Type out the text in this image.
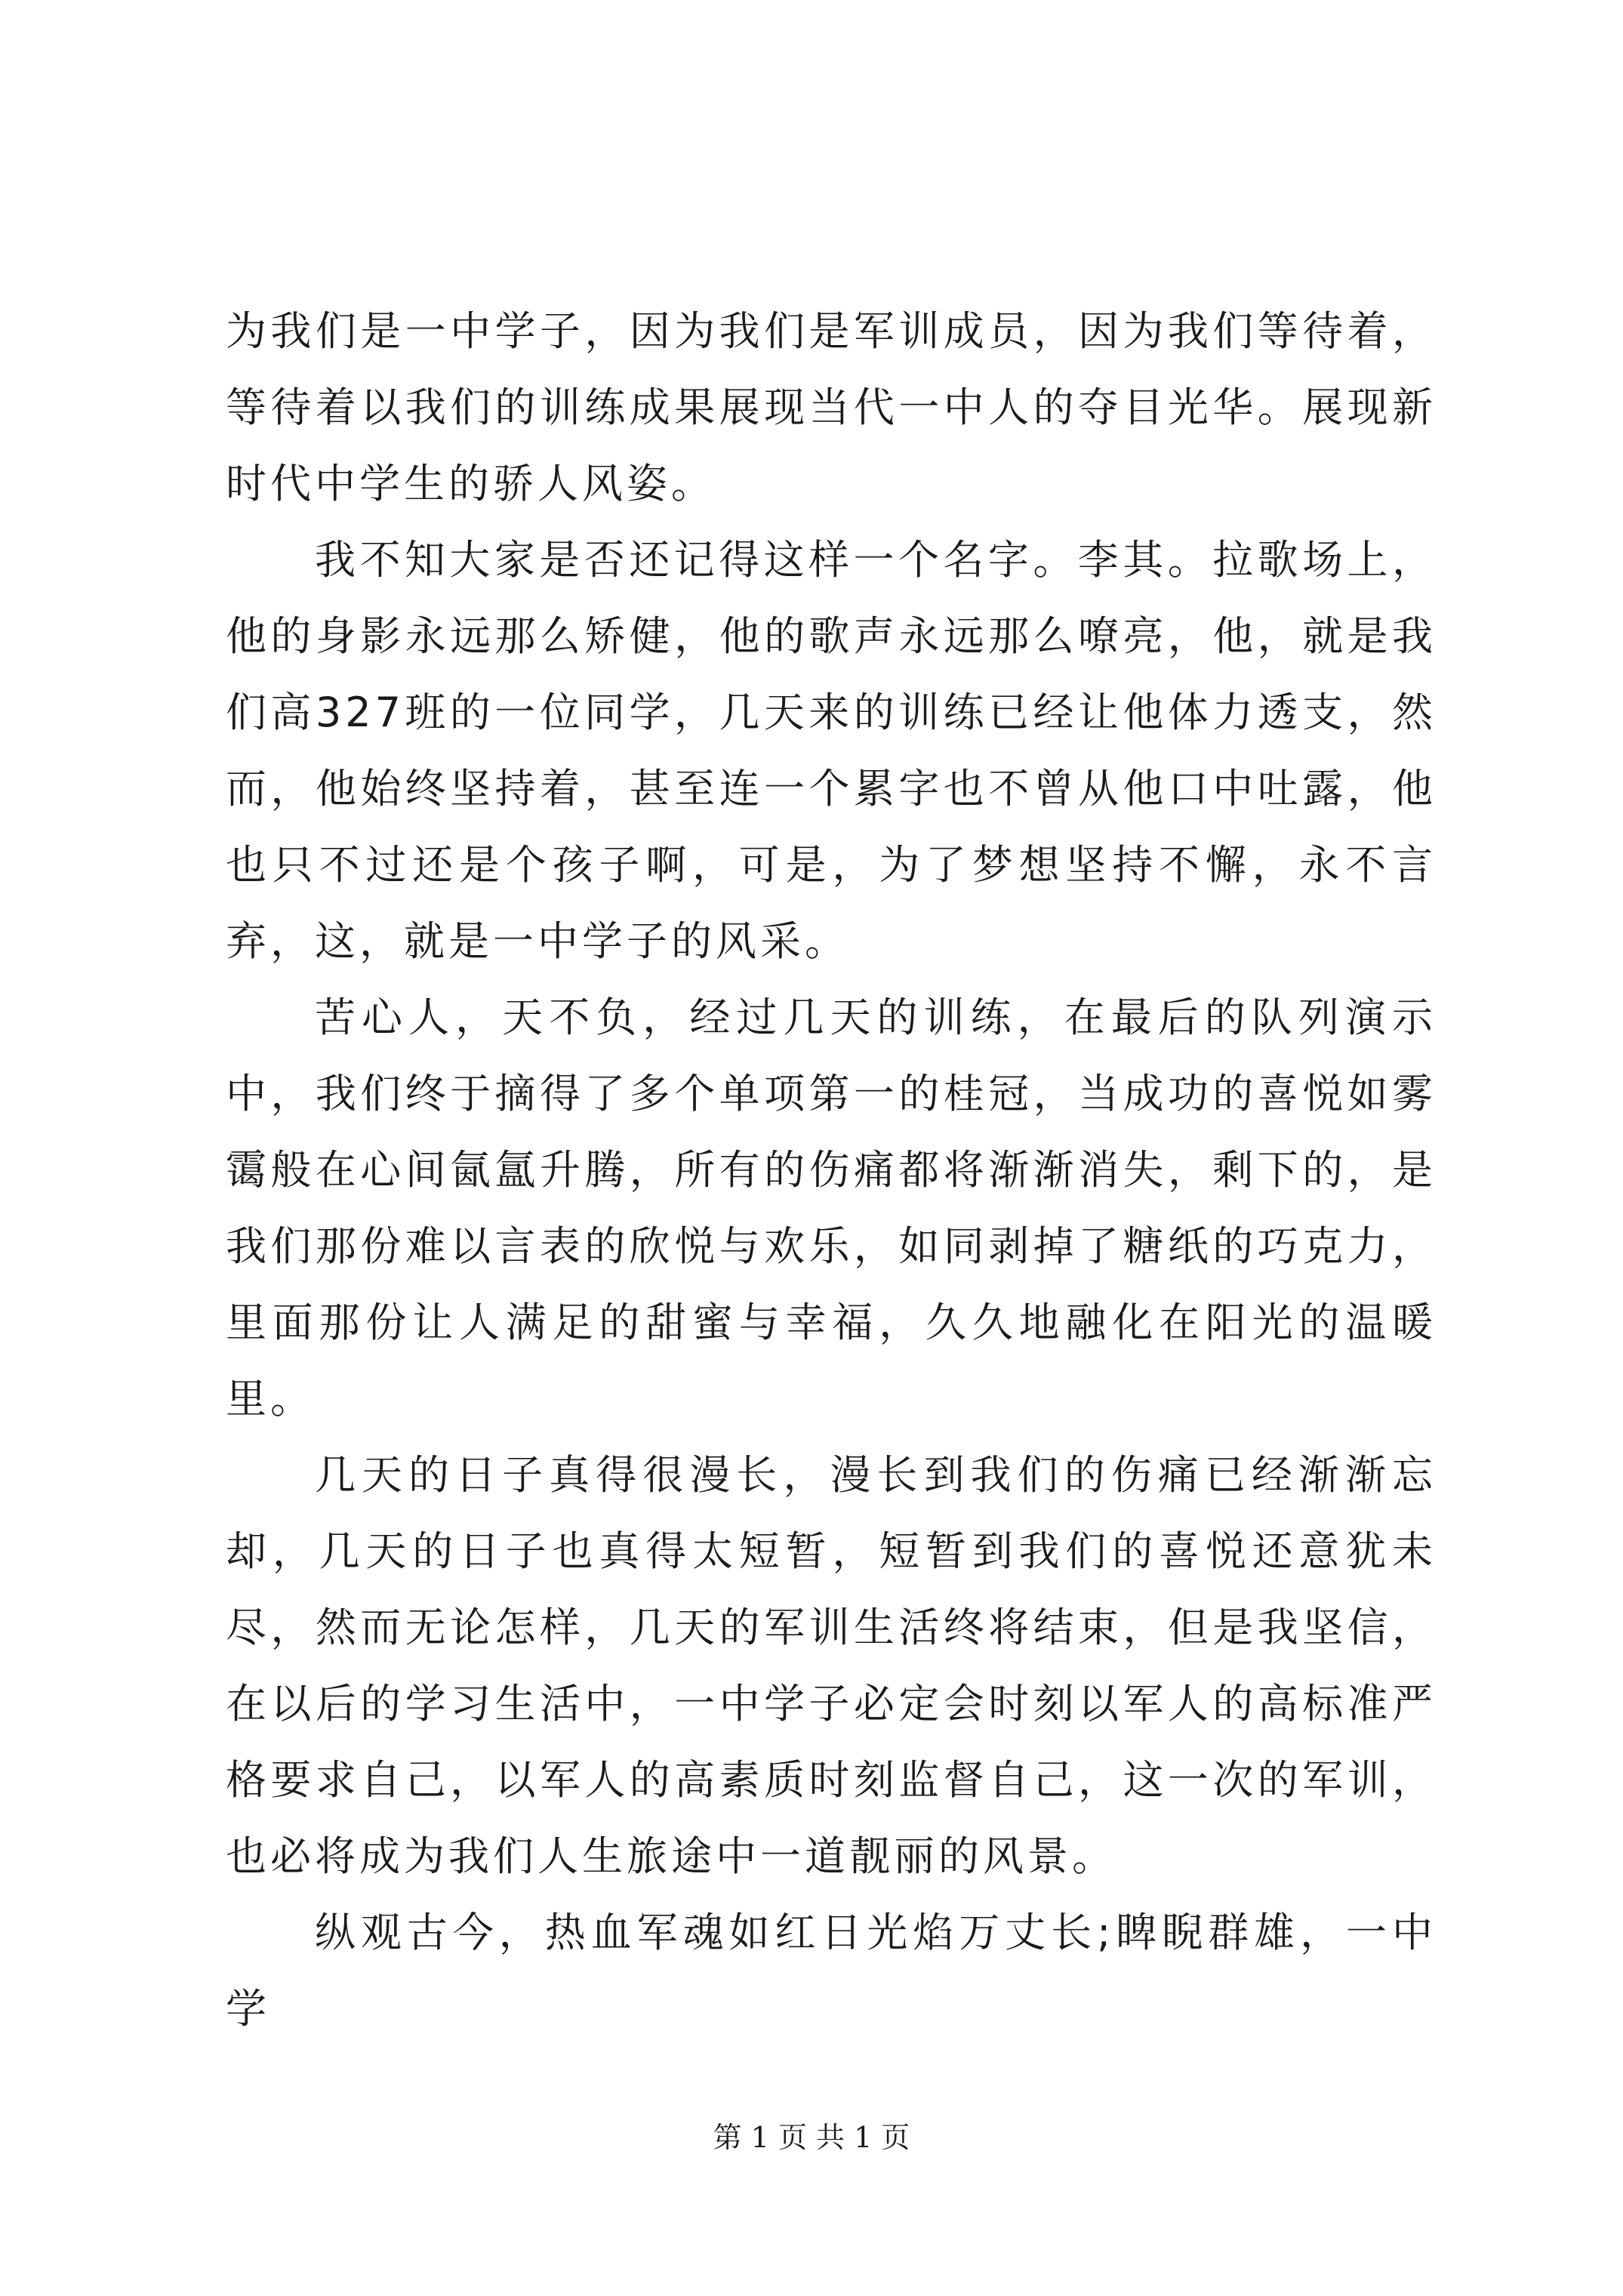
为我们是一中学子，因为我们是军训成员，因为我们等待着，等待着以我们的训练成果展现当代一中人的夺目光华。展现新时代中学生的骄人风姿。

我不知大家是否还记得这样一个名字。李其。拉歌场上，他的身影永远那么矫健，他的歌声永远那么嘹亮，他，就是我们高327班的一位同学，几天来的训练已经让他体力透支，然而，他始终坚持着，甚至连一个累字也不曾从他口中吐露，他也只不过还是个孩子啊，可是，为了梦想坚持不懈，永不言弃，这，就是一中学子的风采。

苦心人，天不负，经过几天的训练，在最后的队列演示中，我们终于摘得了多个单项第一的桂冠，当成功的喜悦如雾霭般在心间氤氲升腾，所有的伤痛都将渐渐消失，剩下的，是我们那份难以言表的欣悦与欢乐，如同剥掉了糖纸的巧克力，里面那份让人满足的甜蜜与幸福，久久地融化在阳光的温暖里。

几天的日子真得很漫长，漫长到我们的伤痛已经渐渐忘却，几天的日子也真得太短暂，短暂到我们的喜悦还意犹未尽，然而无论怎样，几天的军训生活终将结束，但是我坚信，在以后的学习生活中，一中学子必定会时刻以军人的高标准严格要求自己，以军人的高素质时刻监督自己，这一次的军训，也必将成为我们人生旅途中一道靓丽的风景。

纵观古今，热血军魂如红日光焰万丈长;睥睨群雄，一中学

第 1 页 共 1 页
